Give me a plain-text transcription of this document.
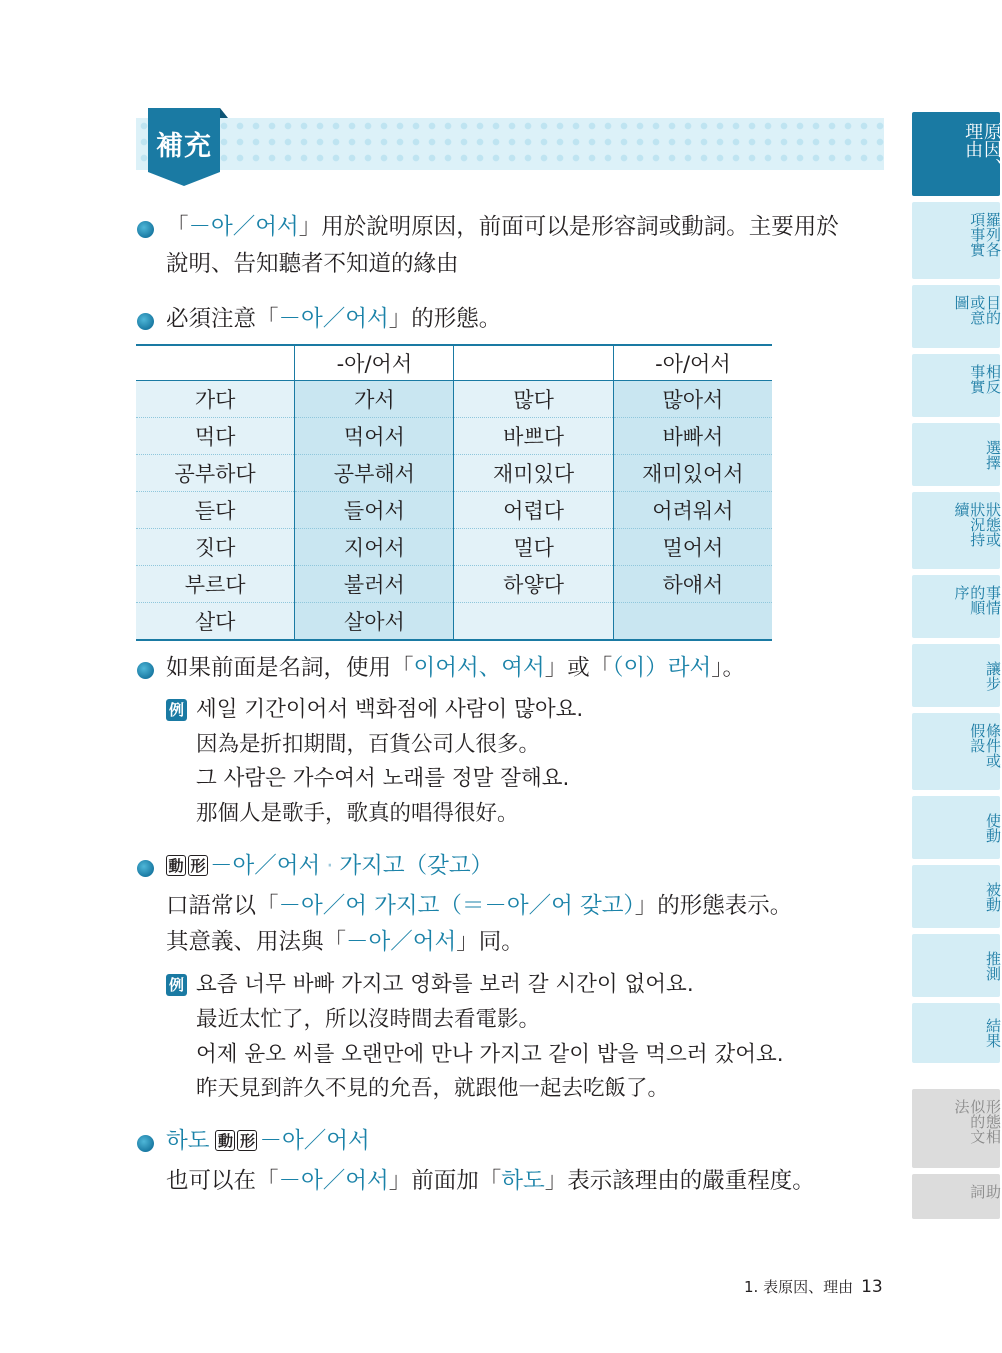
補充
「－아／어서」用於說明原因，前面可以是形容詞或動詞。主要用於
說明、告知聽者不知道的緣由
必須注意「－아／어서」的形態。
	-아/어서		-아/어서
가다	가서	많다	많아서
먹다	먹어서	바쁘다	바빠서
공부하다	공부해서	재미있다	재미있어서
듣다	들어서	어렵다	어려워서
짓다	지어서	멀다	멀어서
부르다	불러서	하얗다	하얘서
살다	살아서		
如果前面是名詞，使用「이어서、여서」或「（이）라서」。
例 세일 기간이어서 백화점에 사람이 많아요.
因為是折扣期間，百貨公司人很多。
그 사람은 가수여서 노래를 정말 잘해요.
那個人是歌手，歌真的唱得很好。
動 形 －아／어서 · 가지고（갖고）
口語常以「－아／어 가지고（＝－아／어 갖고）」的形態表示。
其意義、用法與「－아／어서」同。
例 요즘 너무 바빠 가지고 영화를 보러 갈 시간이 없어요.
最近太忙了，所以沒時間去看電影。
어제 윤오 씨를 오랜만에 만나 가지고 같이 밥을 먹으러 갔어요.
昨天見到許久不見的允吾，就跟他一起去吃飯了。
하도 動 形 －아／어서
也可以在「－아／어서」前面加「하도」表示該理由的嚴重程度。
原因、理由
羅列各項事實
目的或意圖
相反事實
選擇
狀態或狀況持續
事情的順序
讓步
條件或假設
使動
被動
推測
結果
形態相似的文法
助詞
1. 表原因、理由 13
